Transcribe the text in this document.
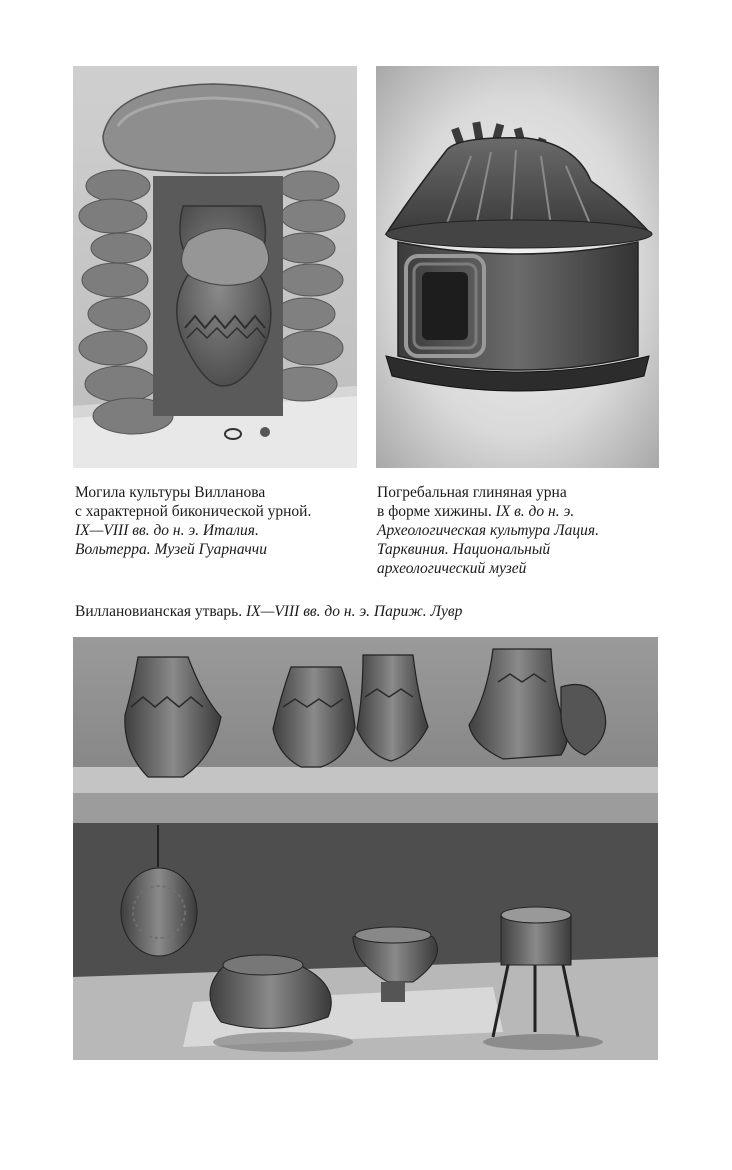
Могила культуры Вилланова
с характерной биконической урной.
IX—VIII вв. до н. э. Италия.
Вольтерра. Музей Гуарначчи
Погребальная глиняная урна
в форме хижины. IX в. до н. э.
Археологическая культура Лация.
Тарквиния. Национальный
археологический музей
Виллановианская утварь. IX—VIII вв. до н. э. Париж. Лувр
